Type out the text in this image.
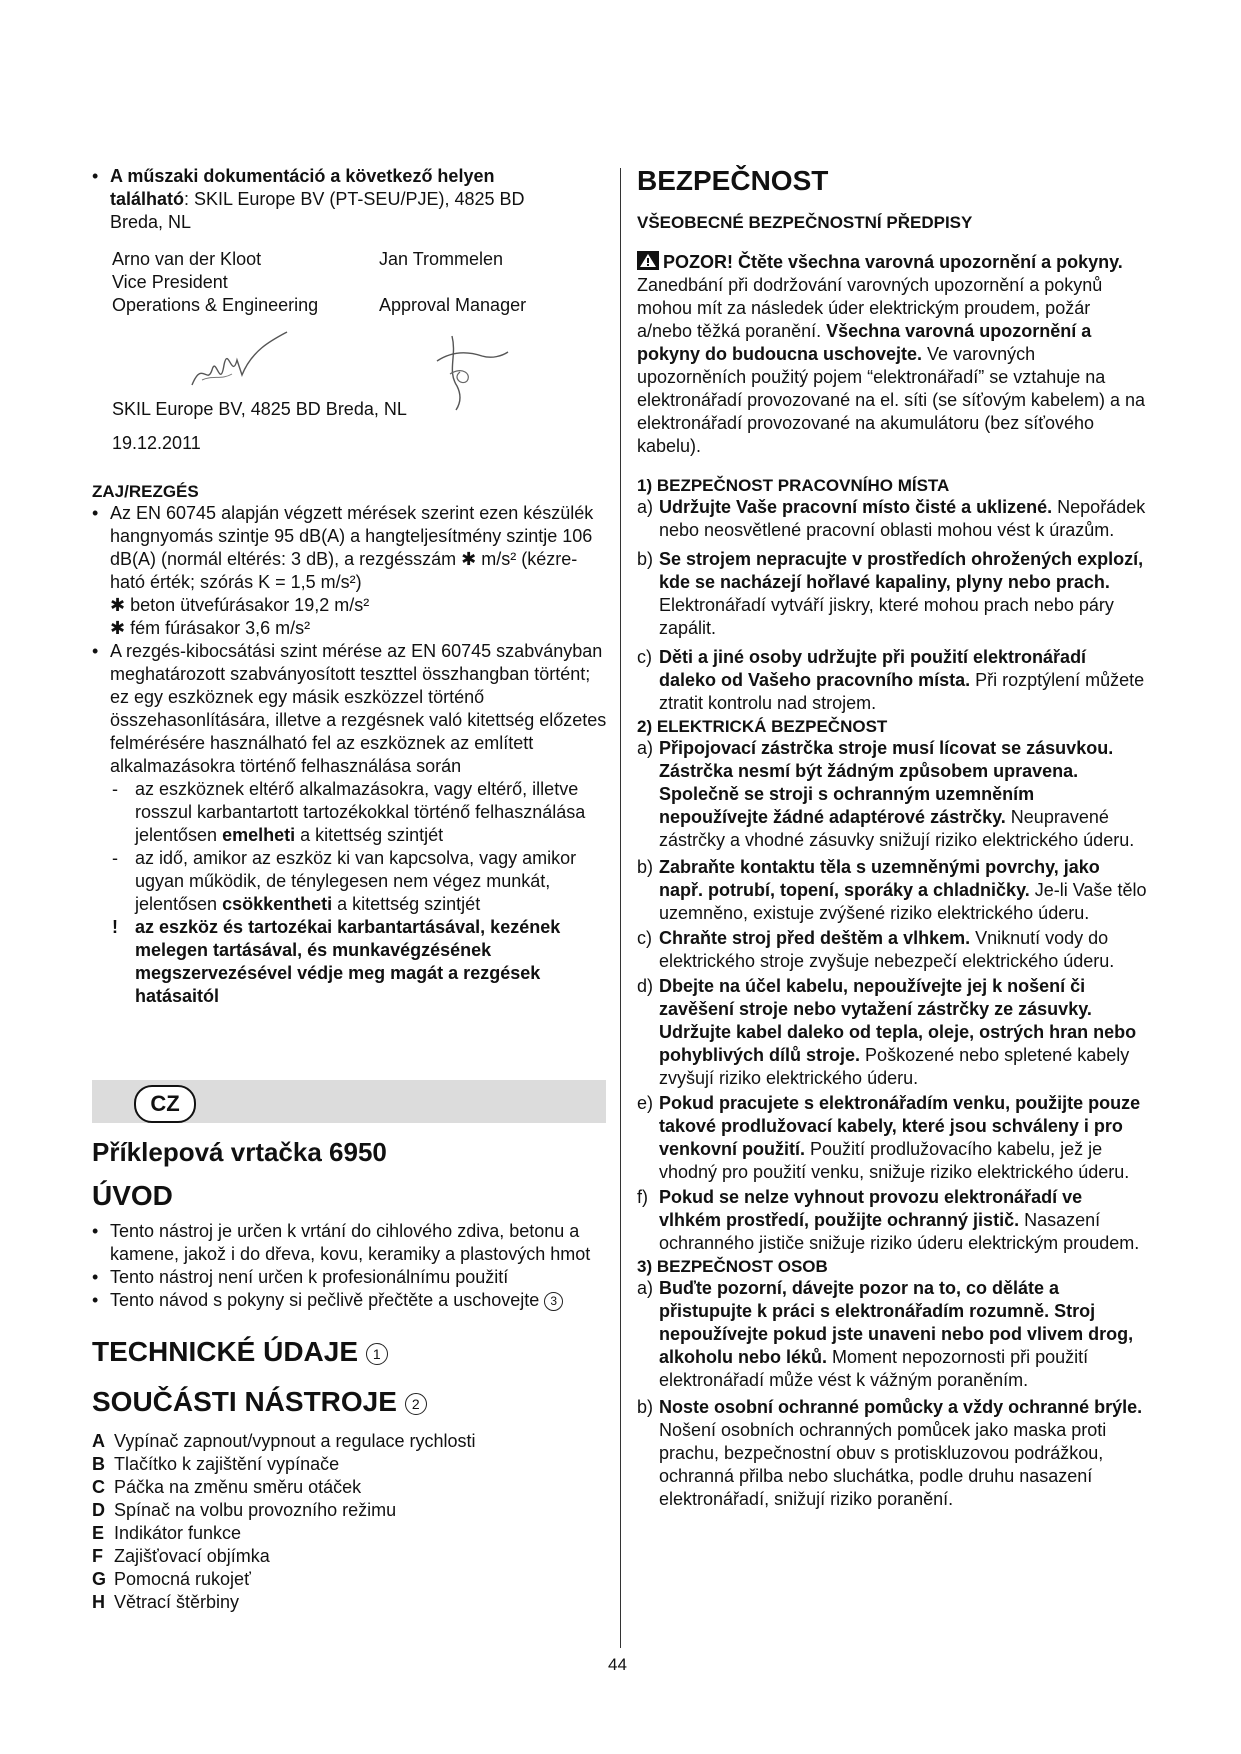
• A műszaki dokumentáció a következő helyen található: SKIL Europe BV (PT-SEU/PJE), 4825 BD Breda, NL

Arno van der Kloot
Vice President
Operations & Engineering
Jan Trommelen
Approval Manager
SKIL Europe BV, 4825 BD Breda, NL
19.12.2011

ZAJ/REZGÉS

• Az EN 60745 alapján végzett mérések szerint ezen készülék hangnyomás szintje 95 dB(A) a hangteljesítmény szintje 106 dB(A) (normál eltérés: 3 dB), a rezgésszám ✱ m/s² (kézre-ható érték; szórás K = 1,5 m/s²)

✱ beton ütvefúrásakor 19,2 m/s²

✱ fém fúrásakor 3,6 m/s²

• A rezgés-kibocsátási szint mérése az EN 60745 szabványban meghatározott szabványosított teszttel összhangban történt; ez egy eszköznek egy másik eszközzel történő összehasonlítására, illetve a rezgésnek való kitettség előzetes felmérésére használható fel az eszköznek az említett alkalmazásokra történő felhasználása során

- az eszköznek eltérő alkalmazásokra, vagy eltérő, illetve rosszul karbantartott tartozékokkal történő felhasználása jelentősen emelheti a kitettség szintjét

- az idő, amikor az eszköz ki van kapcsolva, vagy amikor ugyan működik, de ténylegesen nem végez munkát, jelentősen csökkentheti a kitettség szintjét

! az eszköz és tartozékai karbantartásával, kezének melegen tartásával, és munkavégzésének megszervezésével védje meg magát a rezgések hatásaitól

CZ

Příklepová vrtačka 6950

ÚVOD

• Tento nástroj je určen k vrtání do cihlového zdiva, betonu a kamene, jakož i do dřeva, kovu, keramiky a plastových hmot

• Tento nástroj není určen k profesionálnímu použití

• Tento návod s pokyny si pečlivě přečtěte a uschovejte 3

TECHNICKÉ ÚDAJE 1

SOUČÁSTI NÁSTROJE 2

A Vypínač zapnout/vypnout a regulace rychlosti

B Tlačítko k zajištění vypínače

C Páčka na změnu směru otáček

D Spínač na volbu provozního režimu

E Indikátor funkce

F Zajišťovací objímka

G Pomocná rukojeť

H Větrací štěrbiny

BEZPEČNOST

VŠEOBECNÉ BEZPEČNOSTNÍ PŘEDPISY

POZOR! Čtěte všechna varovná upozornění a pokyny. Zanedbání při dodržování varovných upozornění a pokynů mohou mít za následek úder elektrickým proudem, požár a/nebo těžká poranění. Všechna varovná upozornění a pokyny do budoucna uschovejte. Ve varovných upozorněních použitý pojem “elektronářadí” se vztahuje na elektronářadí provozované na el. síti (se síťovým kabelem) a na elektronářadí provozované na akumulátoru (bez síťového kabelu).

1) BEZPEČNOST PRACOVNÍHO MÍSTA

a) Udržujte Vaše pracovní místo čisté a uklizené. Nepořádek nebo neosvětlené pracovní oblasti mohou vést k úrazům.

b) Se strojem nepracujte v prostředích ohrožených explozí, kde se nacházejí hořlavé kapaliny, plyny nebo prach. Elektronářadí vytváří jiskry, které mohou prach nebo páry zapálit.

c) Děti a jiné osoby udržujte při použití elektronářadí daleko od Vašeho pracovního místa. Při rozptýlení můžete ztratit kontrolu nad strojem.

2) ELEKTRICKÁ BEZPEČNOST

a) Připojovací zástrčka stroje musí lícovat se zásuvkou. Zástrčka nesmí být žádným způsobem upravena. Společně se stroji s ochranným uzemněním nepoužívejte žádné adaptérové zástrčky. Neupravené zástrčky a vhodné zásuvky snižují riziko elektrického úderu.

b) Zabraňte kontaktu těla s uzemněnými povrchy, jako např. potrubí, topení, sporáky a chladničky. Je-li Vaše tělo uzemněno, existuje zvýšené riziko elektrického úderu.

c) Chraňte stroj před deštěm a vlhkem. Vniknutí vody do elektrického stroje zvyšuje nebezpečí elektrického úderu.

d) Dbejte na účel kabelu, nepoužívejte jej k nošení či zavěšení stroje nebo vytažení zástrčky ze zásuvky. Udržujte kabel daleko od tepla, oleje, ostrých hran nebo pohyblivých dílů stroje. Poškozené nebo spletené kabely zvyšují riziko elektrického úderu.

e) Pokud pracujete s elektronářadím venku, použijte pouze takové prodlužovací kabely, které jsou schváleny i pro venkovní použití. Použití prodlužovacího kabelu, jež je vhodný pro použití venku, snižuje riziko elektrického úderu.

f) Pokud se nelze vyhnout provozu elektronářadí ve vlhkém prostředí, použijte ochranný jistič. Nasazení ochranného jističe snižuje riziko úderu elektrickým proudem.

3) BEZPEČNOST OSOB

a) Buďte pozorní, dávejte pozor na to, co děláte a přistupujte k práci s elektronářadím rozumně. Stroj nepoužívejte pokud jste unaveni nebo pod vlivem drog, alkoholu nebo léků. Moment nepozornosti při použití elektronářadí může vést k vážným poraněním.

b) Noste osobní ochranné pomůcky a vždy ochranné brýle. Nošení osobních ochranných pomůcek jako maska proti prachu, bezpečnostní obuv s protiskluzovou podrážkou, ochranná přilba nebo sluchátka, podle druhu nasazení elektronářadí, snižují riziko poranění.

44
